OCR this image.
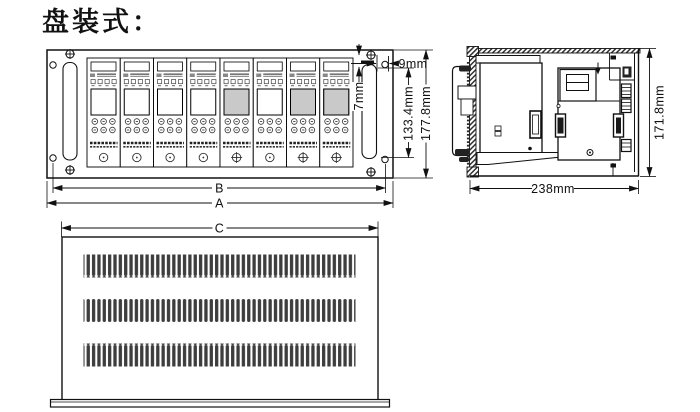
盘装式：
9mm
7mm	133.4mm 177.8mm
B
A
171.8mm
238mm
C
